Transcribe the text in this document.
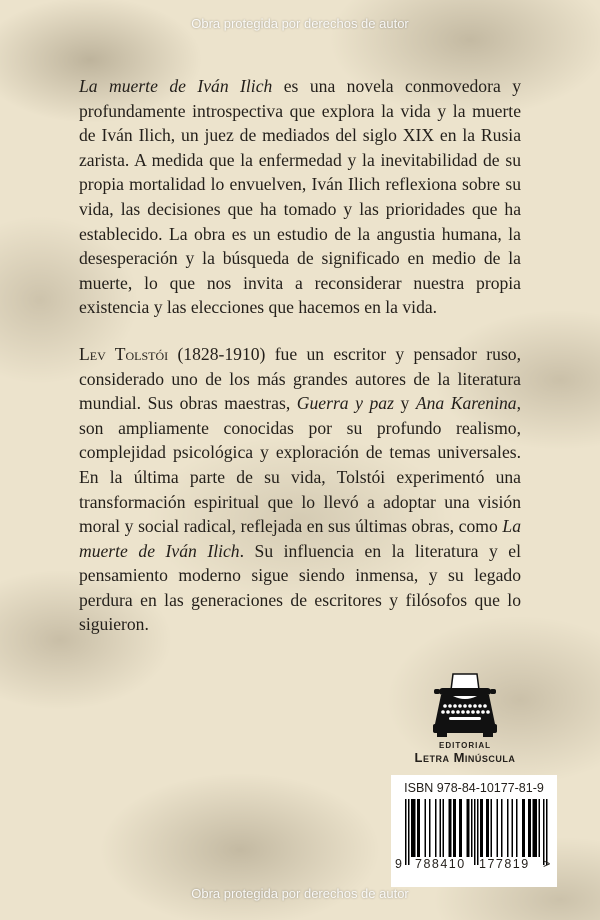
Obra protegida por derechos de autor

La muerte de Iván Ilich es una novela conmovedora y profundamente introspectiva que explora la vida y la muerte de Iván Ilich, un juez de mediados del siglo XIX en la Rusia zarista. A medida que la enfermedad y la inevitabilidad de su propia mortalidad lo envuelven, Iván Ilich reflexiona sobre su vida, las decisiones que ha tomado y las prioridades que ha establecido. La obra es un estudio de la angustia humana, la desesperación y la búsqueda de significado en medio de la muerte, lo que nos invita a reconsiderar nuestra propia existencia y las elecciones que hacemos en la vida.

Lev Tolstói (1828-1910) fue un escritor y pensador ruso, considerado uno de los más grandes autores de la literatura mundial. Sus obras maestras, Guerra y paz y Ana Karenina, son ampliamente conocidas por su profundo realismo, complejidad psicológica y exploración de temas universales. En la última parte de su vida, Tolstói experimentó una transformación espiritual que lo llevó a adoptar una visión moral y social radical, reflejada en sus últimas obras, como La muerte de Iván Ilich. Su influencia en la literatura y el pensamiento moderno sigue siendo inmensa, y su legado perdura en las generaciones de escritores y filósofos que lo siguieron.

EDITORIAL
Letra Minúscula
ISBN 978-84-10177-81-9
9 788410 177819 >
Obra protegida por derechos de autor
